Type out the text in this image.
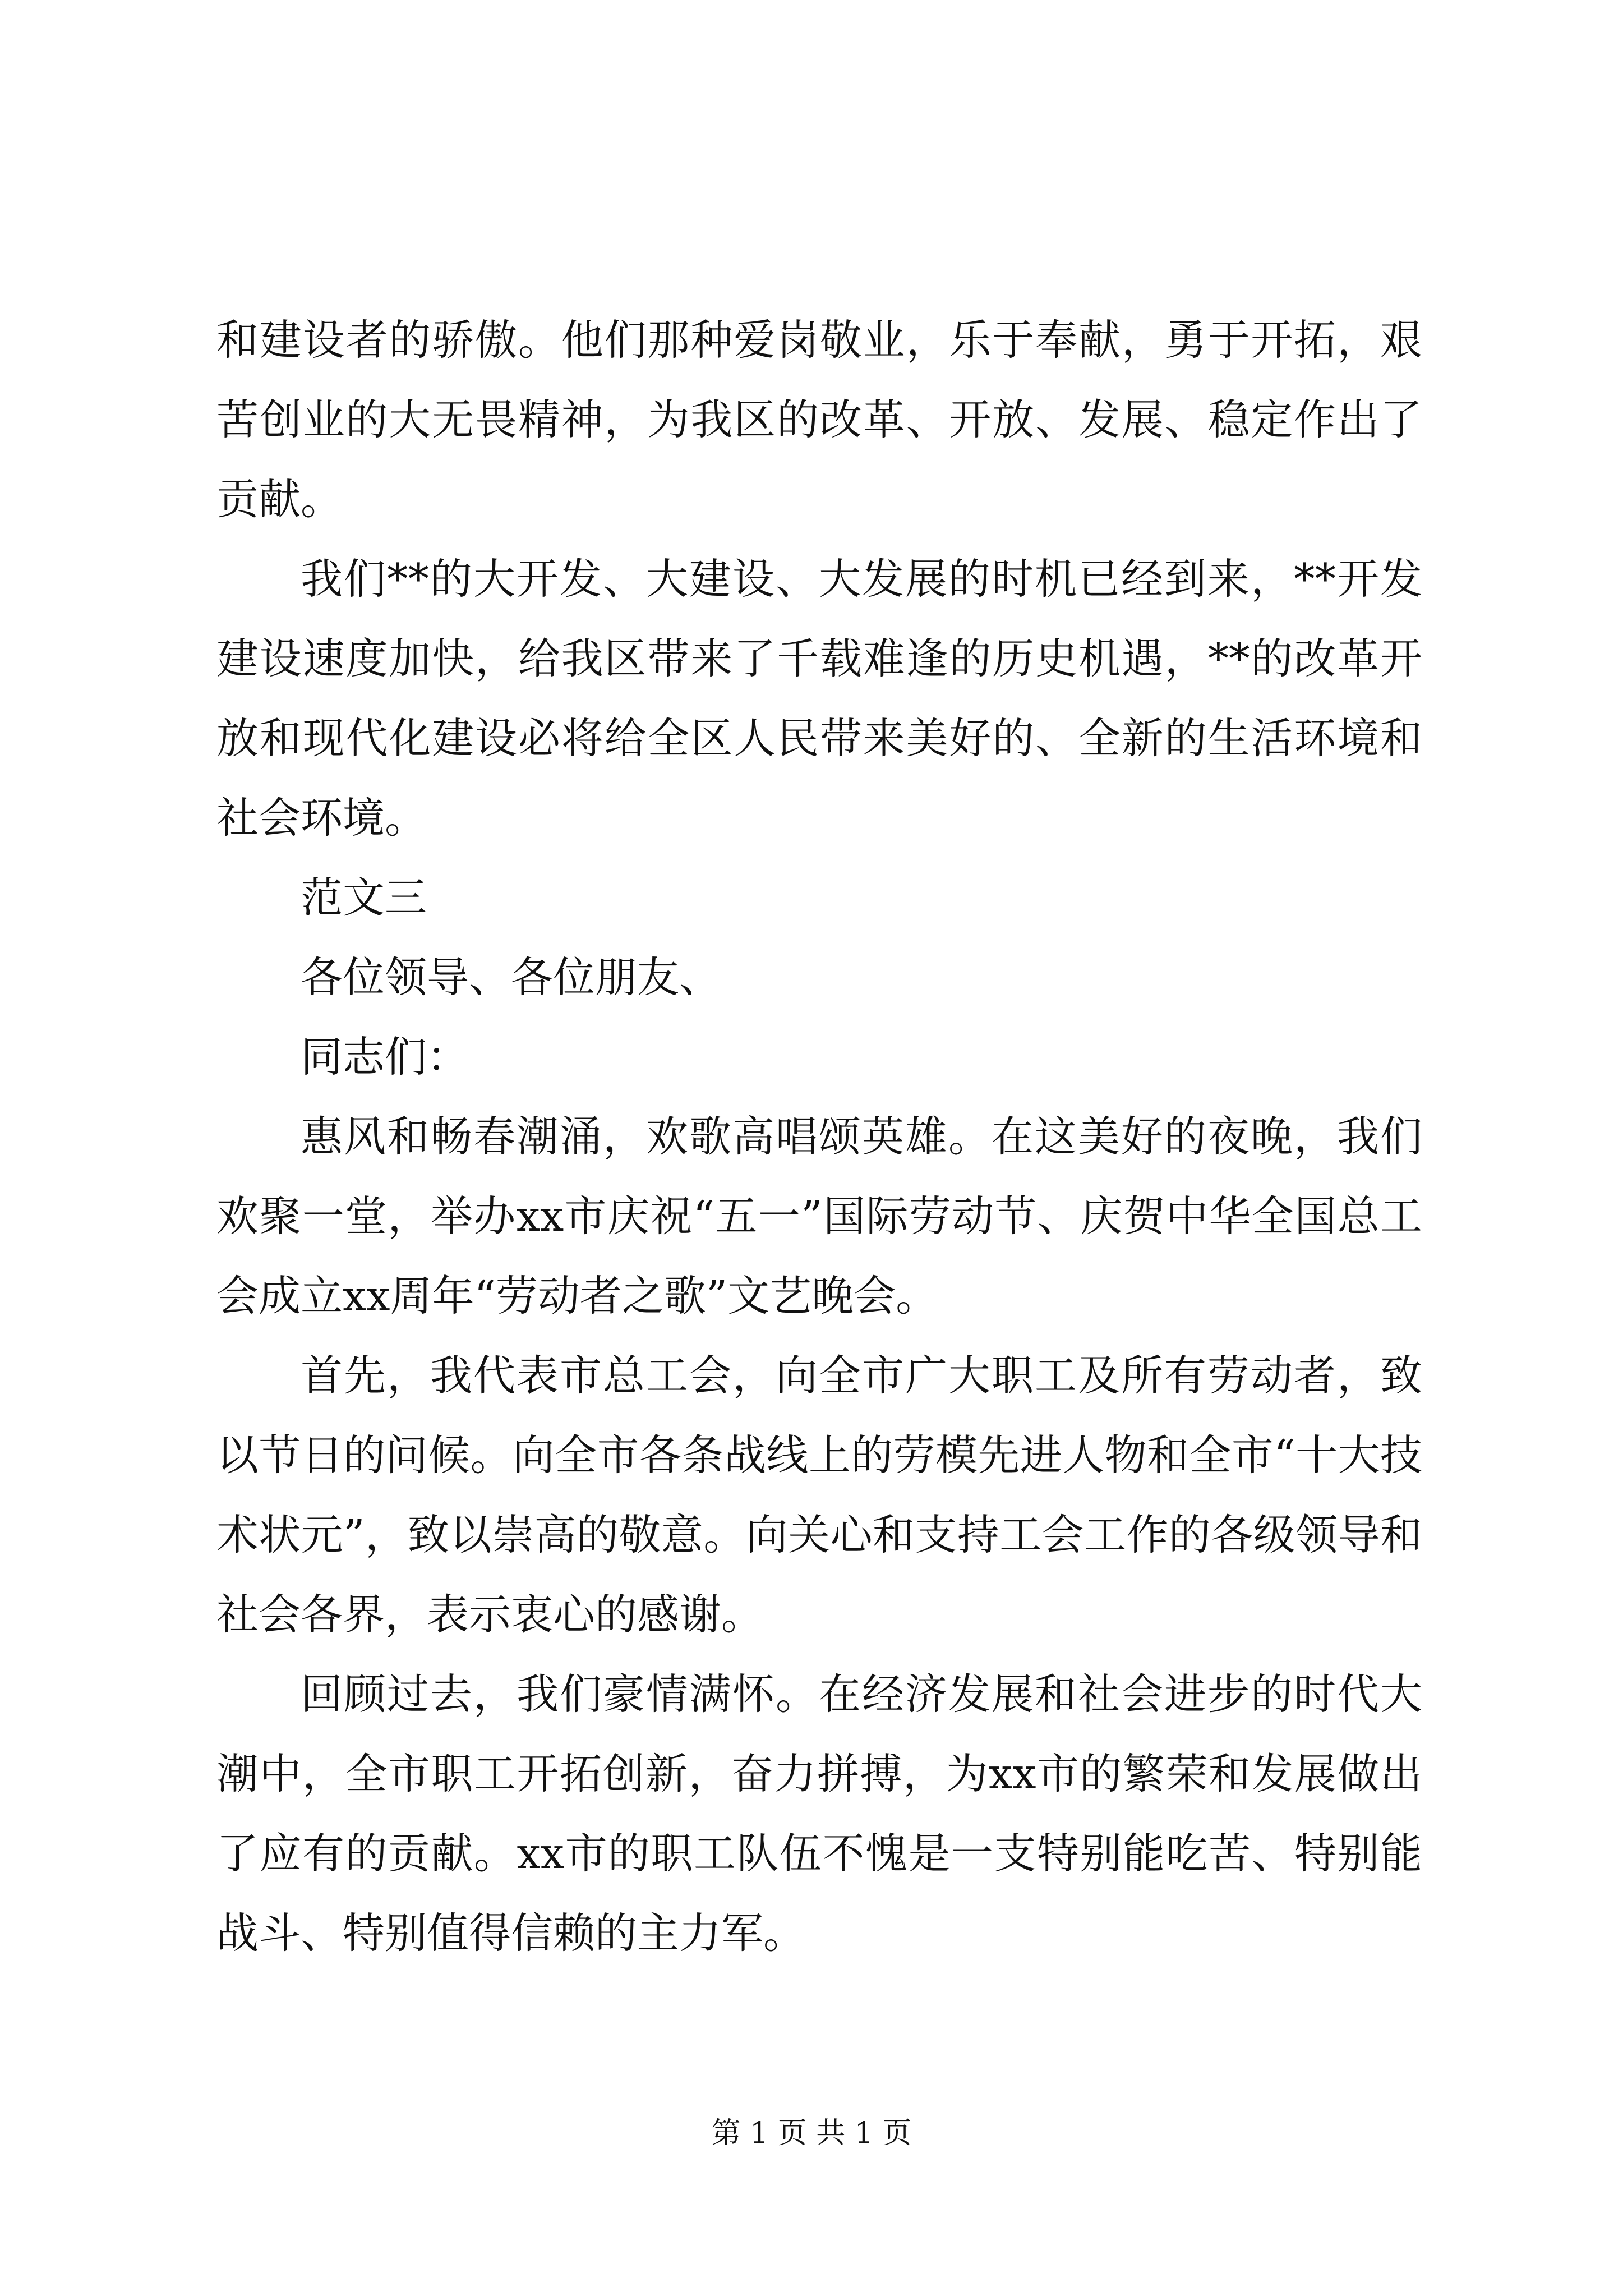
和建设者的骄傲。他们那种爱岗敬业，乐于奉献，勇于开拓，艰苦创业的大无畏精神，为我区的改革、开放、发展、稳定作出了贡献。

我们**的大开发、大建设、大发展的时机已经到来，**开发建设速度加快，给我区带来了千载难逢的历史机遇，**的改革开放和现代化建设必将给全区人民带来美好的、全新的生活环境和社会环境。

范文三

各位领导、各位朋友、

同志们：

惠风和畅春潮涌，欢歌高唱颂英雄。在这美好的夜晚，我们欢聚一堂，举办xx市庆祝“五一”国际劳动节、庆贺中华全国总工会成立xx周年“劳动者之歌”文艺晚会。

首先，我代表市总工会，向全市广大职工及所有劳动者，致以节日的问候。向全市各条战线上的劳模先进人物和全市“十大技术状元”，致以崇高的敬意。向关心和支持工会工作的各级领导和社会各界，表示衷心的感谢。

回顾过去，我们豪情满怀。在经济发展和社会进步的时代大潮中，全市职工开拓创新，奋力拼搏，为xx市的繁荣和发展做出了应有的贡献。xx市的职工队伍不愧是一支特别能吃苦、特别能战斗、特别值得信赖的主力军。

第 1 页 共 1 页
